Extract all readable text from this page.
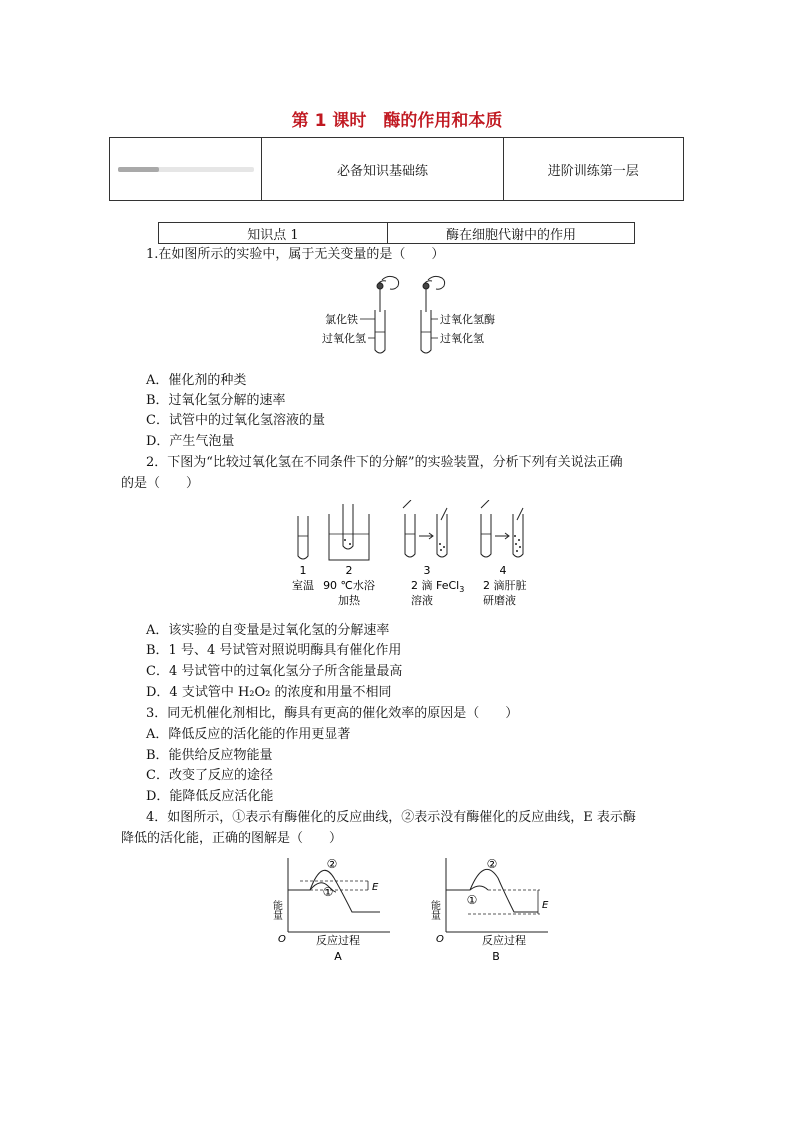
第 1 课时　酶的作用和本质
必备知识基础练	进阶训练第一层
知识点 1	酶在细胞代谢中的作用
1.在如图所示的实验中，属于无关变量的是（　　）
氯化铁
过氧化氢
过氧化氢酶
过氧化氢
A．催化剂的种类
B．过氧化氢分解的速率
C．试管中的过氧化氢溶液的量
D．产生气泡量
2．下图为“比较过氧化氢在不同条件下的分解”的实验装置，分析下列有关说法正确
的是（　　）
1
室温
2
90 ℃水浴
加热
3
2 滴 FeCl$_3$
溶液
4
2 滴肝脏
研磨液
A．该实验的自变量是过氧化氢的分解速率
B．1 号、4 号试管对照说明酶具有催化作用
C．4 号试管中的过氧化氢分子所含能量最高
D．4 支试管中 H₂O₂ 的浓度和用量不相同
3．同无机催化剂相比，酶具有更高的催化效率的原因是（　　）
A．降低反应的活化能的作用更显著
B．能供给反应物能量
C．改变了反应的途径
D．能降低反应活化能
4．如图所示，①表示有酶催化的反应曲线，②表示没有酶催化的反应曲线，E 表示酶
降低的活化能，正确的图解是（　　）
能量
O	反应过程
②
①	E
A
能量
O	反应过程
②
①	E
B
